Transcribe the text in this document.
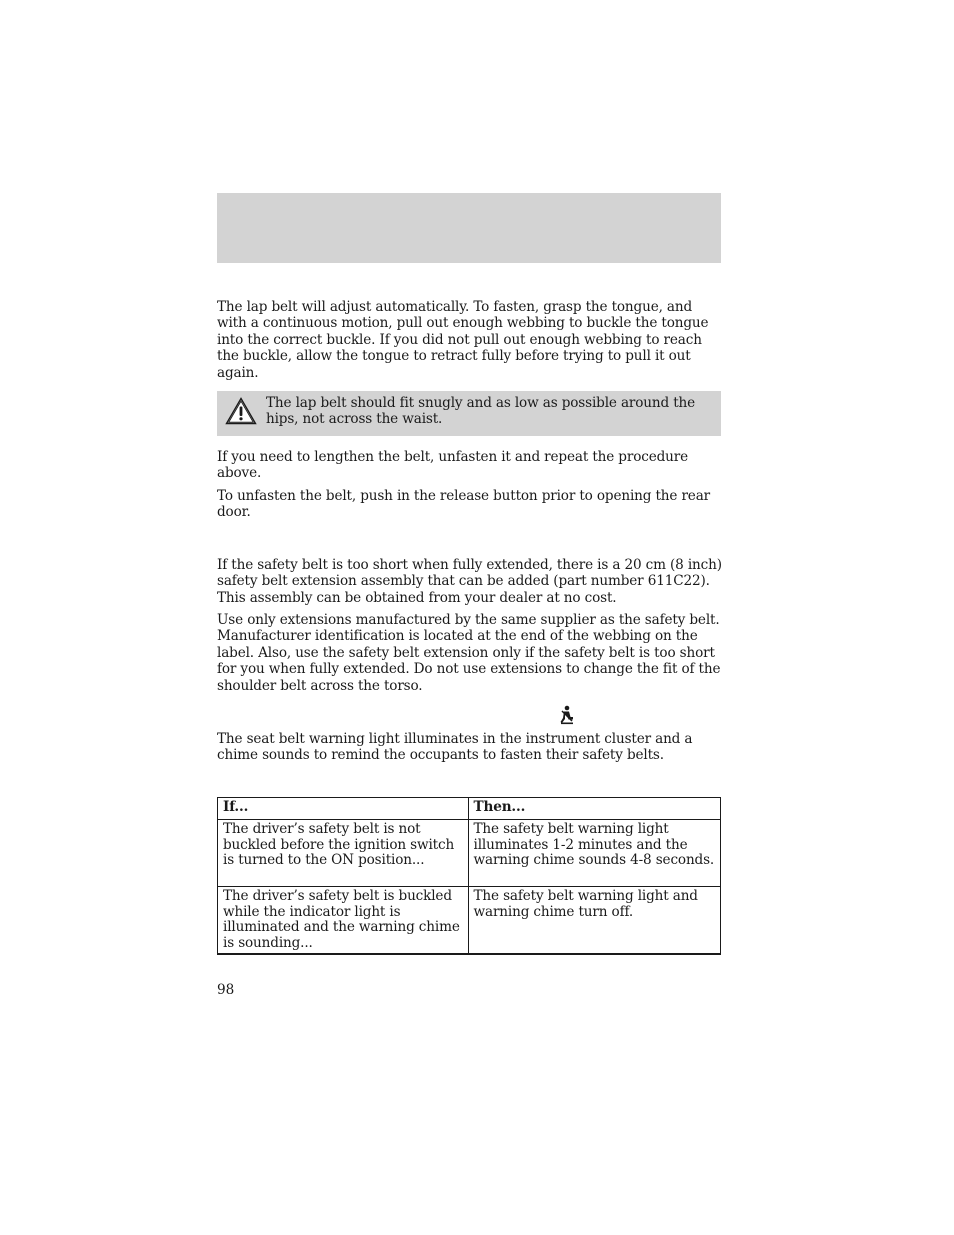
The lap belt will adjust automatically. To fasten, grasp the tongue, and with a continuous motion, pull out enough webbing to buckle the tongue into the correct buckle. If you did not pull out enough webbing to reach the buckle, allow the tongue to retract fully before trying to pull it out again.

The lap belt should fit snugly and as low as possible around the hips, not across the waist.

If you need to lengthen the belt, unfasten it and repeat the procedure above.

To unfasten the belt, push in the release button prior to opening the rear door.

If the safety belt is too short when fully extended, there is a 20 cm (8 inch) safety belt extension assembly that can be added (part number 611C22). This assembly can be obtained from your dealer at no cost.

Use only extensions manufactured by the same supplier as the safety belt. Manufacturer identification is located at the end of the webbing on the label. Also, use the safety belt extension only if the safety belt is too short for you when fully extended. Do not use extensions to change the fit of the shoulder belt across the torso.

The seat belt warning light illuminates in the instrument cluster and a chime sounds to remind the occupants to fasten their safety belts.

If...	Then...
The driver’s safety belt is not buckled before the ignition switch is turned to the ON position...	The safety belt warning light illuminates 1-2 minutes and the warning chime sounds 4-8 seconds.
The driver’s safety belt is buckled while the indicator light is illuminated and the warning chime is sounding...	The safety belt warning light and warning chime turn off.

98
